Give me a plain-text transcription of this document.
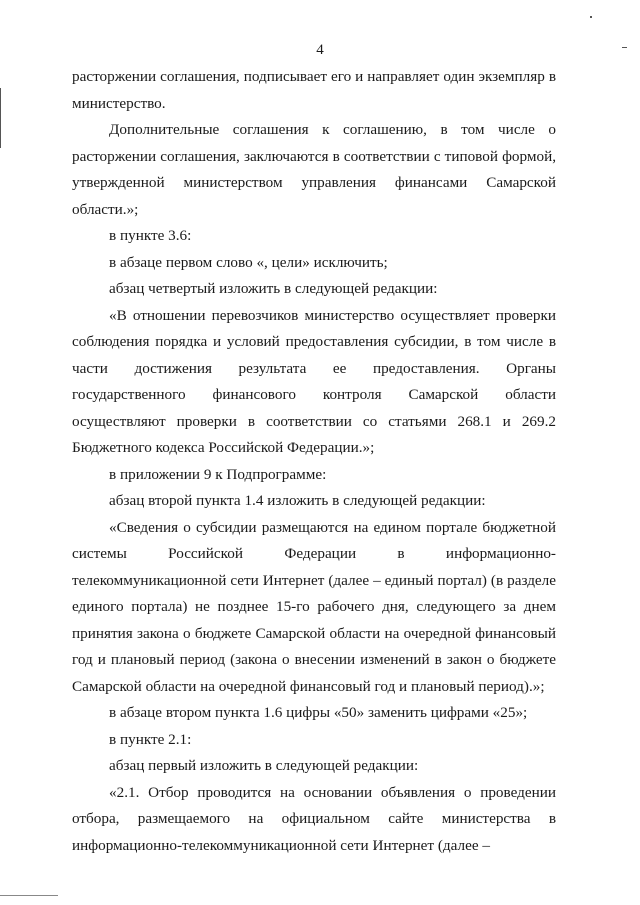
4

расторжении соглашения, подписывает его и направляет один экземпляр в министерство.

Дополнительные соглашения к соглашению, в том числе о расторжении соглашения, заключаются в соответствии с типовой формой, утвержденной министерством управления финансами Самарской области.»;

в пункте 3.6:

в абзаце первом слово «, цели» исключить;

абзац четвертый изложить в следующей редакции:

«В отношении перевозчиков министерство осуществляет проверки соблюдения порядка и условий предоставления субсидии, в том числе в части достижения результата ее предоставления. Органы государственного финансового контроля Самарской области осуществляют проверки в соответствии со статьями 268.1 и 269.2 Бюджетного кодекса Российской Федерации.»;

в приложении 9 к Подпрограмме:

абзац второй пункта 1.4 изложить в следующей редакции:

«Сведения о субсидии размещаются на едином портале бюджетной системы Российской Федерации в информационно-телекоммуникационной сети Интернет (далее – единый портал) (в разделе единого портала) не позднее 15-го рабочего дня, следующего за днем принятия закона о бюджете Самарской области на очередной финансовый год и плановый период (закона о внесении изменений в закон о бюджете Самарской области на очередной финансовый год и плановый период).»;

в абзаце втором пункта 1.6 цифры «50» заменить цифрами «25»;

в пункте 2.1:

абзац первый изложить в следующей редакции:

«2.1. Отбор проводится на основании объявления о проведении отбора, размещаемого на официальном сайте министерства в информационно-телекоммуникационной сети Интернет (далее –
